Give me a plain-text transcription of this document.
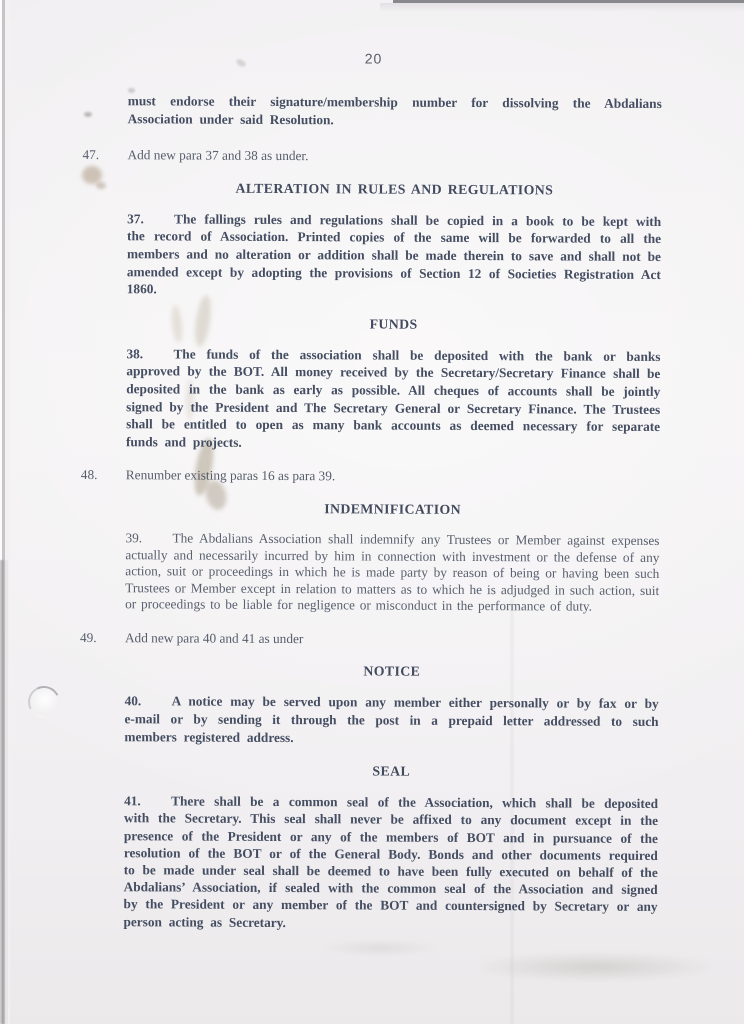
20

must endorse their signature/membership number for dissolving the Abdalians Association under said Resolution.

47. Add new para 37 and 38 as under.
ALTERATION IN RULES AND REGULATIONS

37. The fallings rules and regulations shall be copied in a book to be kept with the record of Association. Printed copies of the same will be forwarded to all the members and no alteration or addition shall be made therein to save and shall not be amended except by adopting the provisions of Section 12 of Societies Registration Act 1860.

FUNDS

38. The funds of the association shall be deposited with the bank or banks approved by the BOT. All money received by the Secretary/Secretary Finance shall be deposited in the bank as early as possible. All cheques of accounts shall be jointly signed by the President and The Secretary General or Secretary Finance. The Trustees shall be entitled to open as many bank accounts as deemed necessary for separate funds and projects.

48. Renumber existing paras 16 as para 39.
INDEMNIFICATION

39. The Abdalians Association shall indemnify any Trustees or Member against expenses actually and necessarily incurred by him in connection with investment or the defense of any action, suit or proceedings in which he is made party by reason of being or having been such Trustees or Member except in relation to matters as to which he is adjudged in such action, suit or proceedings to be liable for negligence or misconduct in the performance of duty.

49. Add new para 40 and 41 as under
NOTICE

40. A notice may be served upon any member either personally or by fax or by e-mail or by sending it through the post in a prepaid letter addressed to such members registered address.

SEAL

41. There shall be a common seal of the Association, which shall be deposited with the Secretary. This seal shall never be affixed to any document except in the presence of the President or any of the members of BOT and in pursuance of the resolution of the BOT or of the General Body. Bonds and other documents required to be made under seal shall be deemed to have been fully executed on behalf of the Abdalians’ Association, if sealed with the common seal of the Association and signed by the President or any member of the BOT and countersigned by Secretary or any person acting as Secretary.
